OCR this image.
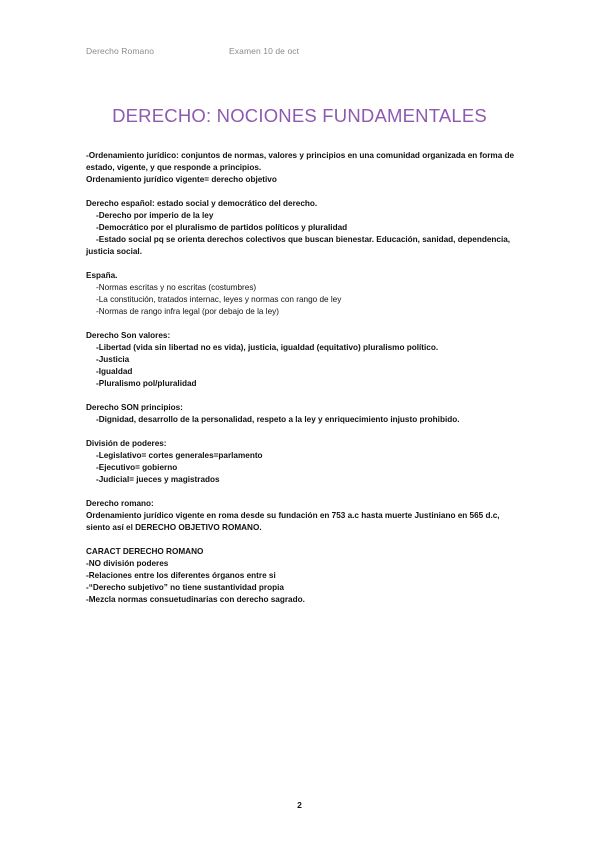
Derecho Romano	Examen 10 de oct
DERECHO: NOCIONES FUNDAMENTALES
-Ordenamiento jurídico: conjuntos de normas, valores y principios en una comunidad organizada en forma de estado, vigente, y que responde a principios.
Ordenamiento jurídico vigente= derecho objetivo
Derecho español: estado social y democrático del derecho.
-Derecho por imperio de la ley
-Democrático por el pluralismo de partidos políticos y pluralidad
-Estado social pq se orienta derechos colectivos que buscan bienestar. Educación, sanidad, dependencia, justicia social.
España.
-Normas escritas y no escritas (costumbres)
-La constitución, tratados internac, leyes y normas con rango de ley
-Normas de rango infra legal (por debajo de la ley)
Derecho Son valores:
-Libertad (vida sin libertad no es vida), justicia, igualdad (equitativo) pluralismo político.
-Justicia
-Igualdad
-Pluralismo pol/pluralidad
Derecho SON principios:
-Dignidad, desarrollo de la personalidad, respeto a la ley y enriquecimiento injusto prohibido.
División de poderes:
-Legislativo= cortes generales=parlamento
-Ejecutivo= gobierno
-Judicial= jueces y magistrados
Derecho romano:
Ordenamiento jurídico vigente en roma desde su fundación en 753 a.c hasta muerte Justiniano en 565 d.c, siento así el DERECHO OBJETIVO ROMANO.
CARACT DERECHO ROMANO
-NO división poderes
-Relaciones entre los diferentes órganos entre si
-“Derecho subjetivo” no tiene sustantividad propia
-Mezcla normas consuetudinarias con derecho sagrado.
2
